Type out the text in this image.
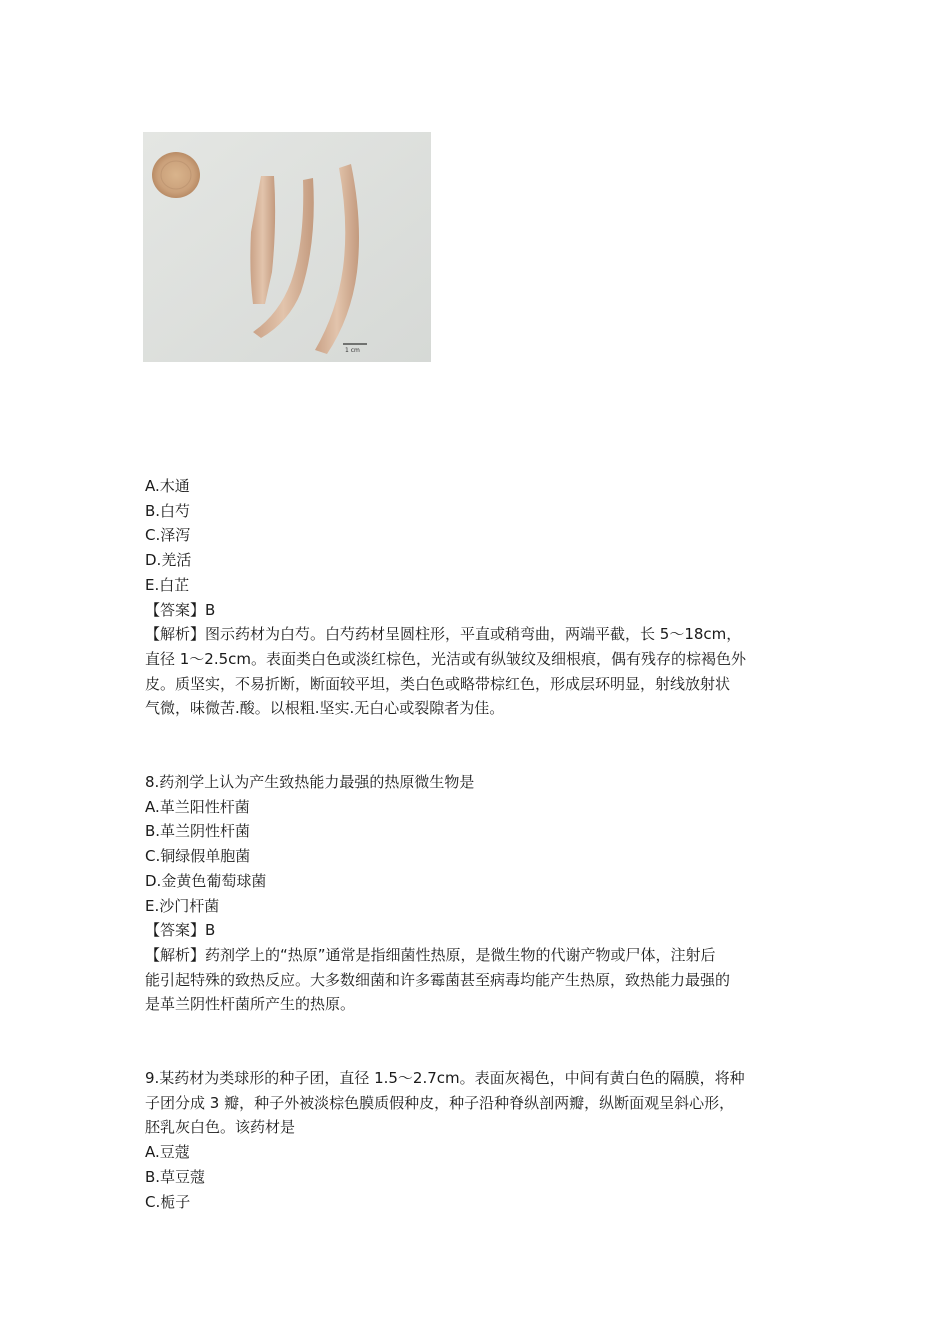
1 cm

A.木通

B.白芍

C.泽泻

D.羌活

E.白芷

【答案】B

【解析】图示药材为白芍。白芍药材呈圆柱形，平直或稍弯曲，两端平截，长 5～18cm，

直径 1～2.5cm。表面类白色或淡红棕色，光洁或有纵皱纹及细根痕，偶有残存的棕褐色外

皮。质坚实，不易折断，断面较平坦，类白色或略带棕红色，形成层环明显，射线放射状

气微，味微苦.酸。以根粗.坚实.无白心或裂隙者为佳。

8.药剂学上认为产生致热能力最强的热原微生物是

A.革兰阳性杆菌

B.革兰阴性杆菌

C.铜绿假单胞菌

D.金黄色葡萄球菌

E.沙门杆菌

【答案】B

【解析】药剂学上的“热原”通常是指细菌性热原，是微生物的代谢产物或尸体，注射后

能引起特殊的致热反应。大多数细菌和许多霉菌甚至病毒均能产生热原，致热能力最强的

是革兰阴性杆菌所产生的热原。

9.某药材为类球形的种子团，直径 1.5～2.7cm。表面灰褐色，中间有黄白色的隔膜，将种

子团分成 3 瓣，种子外被淡棕色膜质假种皮，种子沿种脊纵剖两瓣，纵断面观呈斜心形，

胚乳灰白色。该药材是

A.豆蔻

B.草豆蔻

C.栀子
